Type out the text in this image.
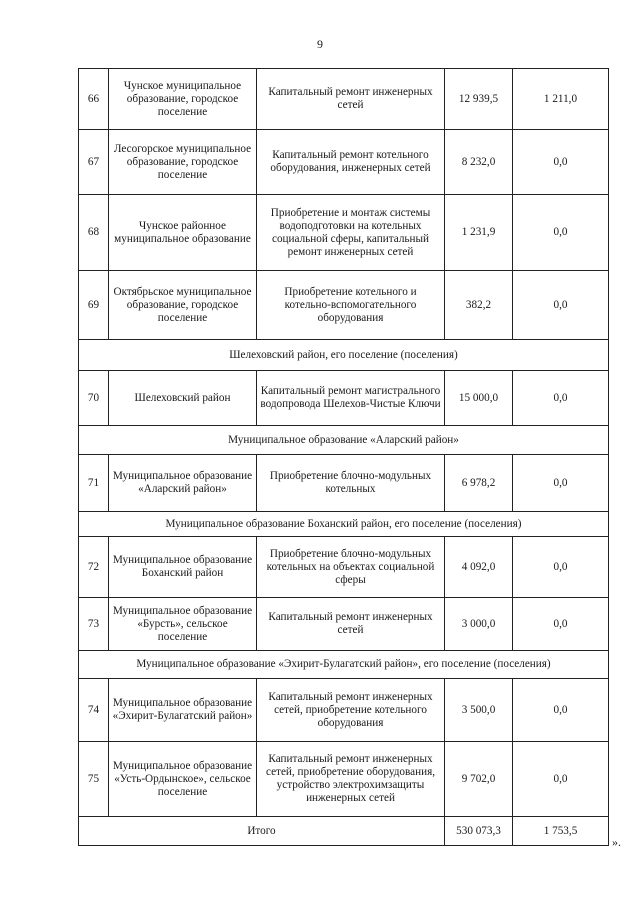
9
66	Чунское муниципальное образование, городское поселение	Капитальный ремонт инженерных сетей	12 939,5	1 211,0
67	Лесогорское муниципальное образование, городское поселение	Капитальный ремонт котельного оборудования, инженерных сетей	8 232,0	0,0
68	Чунское районное муниципальное образование	Приобретение и монтаж системы водоподготовки на котельных социальной сферы, капитальный ремонт инженерных сетей	1 231,9	0,0
69	Октябрьское муниципальное образование, городское поселение	Приобретение котельного и котельно-вспомогательного оборудования	382,2	0,0
Шелеховский район, его поселение (поселения)				
70	Шелеховский район	Капитальный ремонт магистрального водопровода Шелехов-Чистые Ключи	15 000,0	0,0
Муниципальное образование «Аларский район»				
71	Муниципальное образование «Аларский район»	Приобретение блочно-модульных котельных	6 978,2	0,0
Муниципальное образование Боханский район, его поселение (поселения)				
72	Муниципальное образование Боханский район	Приобретение блочно-модульных котельных на объектах социальной сферы	4 092,0	0,0
73	Муниципальное образование «Бурсть», сельское поселение	Капитальный ремонт инженерных сетей	3 000,0	0,0
Муниципальное образование «Эхирит-Булагатский район», его поселение (поселения)				
74	Муниципальное образование «Эхирит-Булагатский район»	Капитальный ремонт инженерных сетей, приобретение котельного оборудования	3 500,0	0,0
75	Муниципальное образование «Усть-Ордынское», сельское поселение	Капитальный ремонт инженерных сетей, приобретение оборудования, устройство электрохимзащиты инженерных сетей	9 702,0	0,0
Итого			530 073,3	1 753,5
».
